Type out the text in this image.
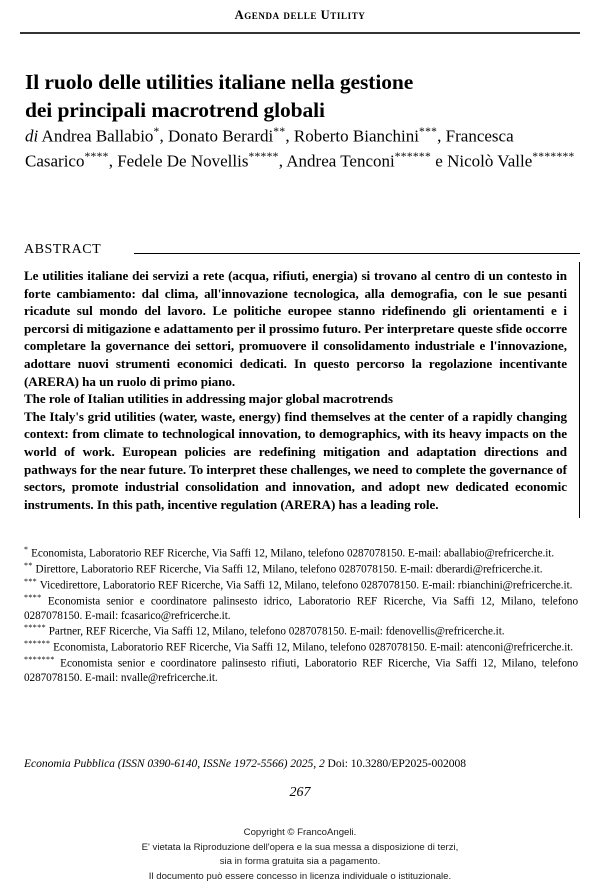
Agenda delle Utility
Il ruolo delle utilities italiane nella gestione
dei principali macrotrend globali
di Andrea Ballabio*, Donato Berardi**, Roberto Bianchini***, Francesca Casarico****, Fedele De Novellis*****, Andrea Tenconi****** e Nicolò Valle*******
ABSTRACT

Le utilities italiane dei servizi a rete (acqua, rifiuti, energia) si trovano al centro di un contesto in forte cambiamento: dal clima, all'innovazione tecnologica, alla demografia, con le sue pesanti ricadute sul mondo del lavoro. Le politiche europee stanno ridefinendo gli orientamenti e i percorsi di mitigazione e adattamento per il prossimo futuro. Per interpretare queste sfide occorre completare la governance dei settori, promuovere il consolidamento industriale e l'innovazione, adottare nuovi strumenti economici dedicati. In questo percorso la regolazione incentivante (ARERA) ha un ruolo di primo piano.

The role of Italian utilities in addressing major global macrotrends

The Italy's grid utilities (water, waste, energy) find themselves at the center of a rapidly changing context: from climate to technological innovation, to demographics, with its heavy impacts on the world of work. European policies are redefining mitigation and adaptation directions and pathways for the near future. To interpret these challenges, we need to complete the governance of sectors, promote industrial consolidation and innovation, and adopt new dedicated economic instruments. In this path, incentive regulation (ARERA) has a leading role.

* Economista, Laboratorio REF Ricerche, Via Saffi 12, Milano, telefono 0287078150. E-mail: aballabio@refricerche.it.

** Direttore, Laboratorio REF Ricerche, Via Saffi 12, Milano, telefono 0287078150. E-mail: dberardi@refricerche.it.

*** Vicedirettore, Laboratorio REF Ricerche, Via Saffi 12, Milano, telefono 0287078150. E-mail: rbianchini@refricerche.it.

**** Economista senior e coordinatore palinsesto idrico, Laboratorio REF Ricerche, Via Saffi 12, Milano, telefono 0287078150. E-mail: fcasarico@refricerche.it.

***** Partner, REF Ricerche, Via Saffi 12, Milano, telefono 0287078150. E-mail: fdenovellis@refricerche.it.

****** Economista, Laboratorio REF Ricerche, Via Saffi 12, Milano, telefono 0287078150. E-mail: atenconi@refricerche.it.

******* Economista senior e coordinatore palinsesto rifiuti, Laboratorio REF Ricerche, Via Saffi 12, Milano, telefono 0287078150. E-mail: nvalle@refricerche.it.

Economia Pubblica (ISSN 0390-6140, ISSNe 1972-5566) 2025, 2 Doi: 10.3280/EP2025-002008
267
Copyright © FrancoAngeli.
E' vietata la Riproduzione dell'opera e la sua messa a disposizione di terzi,
sia in forma gratuita sia a pagamento.
Il documento può essere concesso in licenza individuale o istituzionale.
